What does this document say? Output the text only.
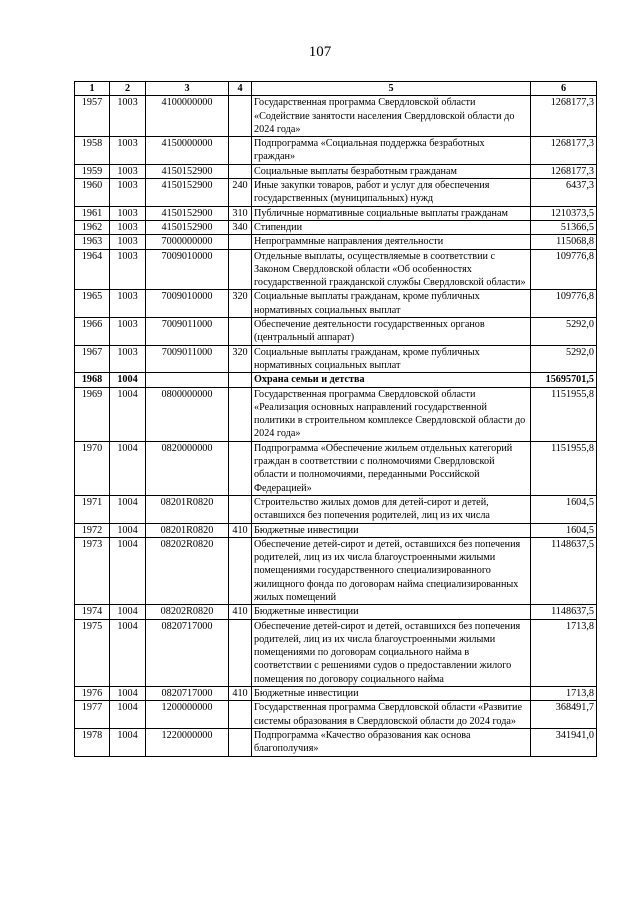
107
1	2	3	4	5	6
1957	1003	4100000000		Государственная программа Свердловской области «Содействие занятости населения Свердловской области до 2024 года»	1268177,3
1958	1003	4150000000		Подпрограмма «Социальная поддержка безработных граждан»	1268177,3
1959	1003	4150152900		Социальные выплаты безработным гражданам	1268177,3
1960	1003	4150152900	240	Иные закупки товаров, работ и услуг для обеспечения государственных (муниципальных) нужд	6437,3
1961	1003	4150152900	310	Публичные нормативные социальные выплаты гражданам	1210373,5
1962	1003	4150152900	340	Стипендии	51366,5
1963	1003	7000000000		Непрограммные направления деятельности	115068,8
1964	1003	7009010000		Отдельные выплаты, осуществляемые в соответствии с Законом Свердловской области «Об особенностях государственной гражданской службы Свердловской области»	109776,8
1965	1003	7009010000	320	Социальные выплаты гражданам, кроме публичных нормативных социальных выплат	109776,8
1966	1003	7009011000		Обеспечение деятельности государственных органов (центральный аппарат)	5292,0
1967	1003	7009011000	320	Социальные выплаты гражданам, кроме публичных нормативных социальных выплат	5292,0
1968	1004			Охрана семьи и детства	15695701,5
1969	1004	0800000000		Государственная программа Свердловской области «Реализация основных направлений государственной политики в строительном комплексе Свердловской области до 2024 года»	1151955,8
1970	1004	0820000000		Подпрограмма «Обеспечение жильем отдельных категорий граждан в соответствии с полномочиями Свердловской области и полномочиями, переданными Российской Федерацией»	1151955,8
1971	1004	08201R0820		Строительство жилых домов для детей-сирот и детей, оставшихся без попечения родителей, лиц из их числа	1604,5
1972	1004	08201R0820	410	Бюджетные инвестиции	1604,5
1973	1004	08202R0820		Обеспечение детей-сирот и детей, оставшихся без попечения родителей, лиц из их числа благоустроенными жилыми помещениями государственного специализированного жилищного фонда по договорам найма специализированных жилых помещений	1148637,5
1974	1004	08202R0820	410	Бюджетные инвестиции	1148637,5
1975	1004	0820717000		Обеспечение детей-сирот и детей, оставшихся без попечения родителей, лиц из их числа благоустроенными жилыми помещениями по договорам социального найма в соответствии с решениями судов о предоставлении жилого помещения по договору социального найма	1713,8
1976	1004	0820717000	410	Бюджетные инвестиции	1713,8
1977	1004	1200000000		Государственная программа Свердловской области «Развитие системы образования в Свердловской области до 2024 года»	368491,7
1978	1004	1220000000		Подпрограмма «Качество образования как основа благополучия»	341941,0
